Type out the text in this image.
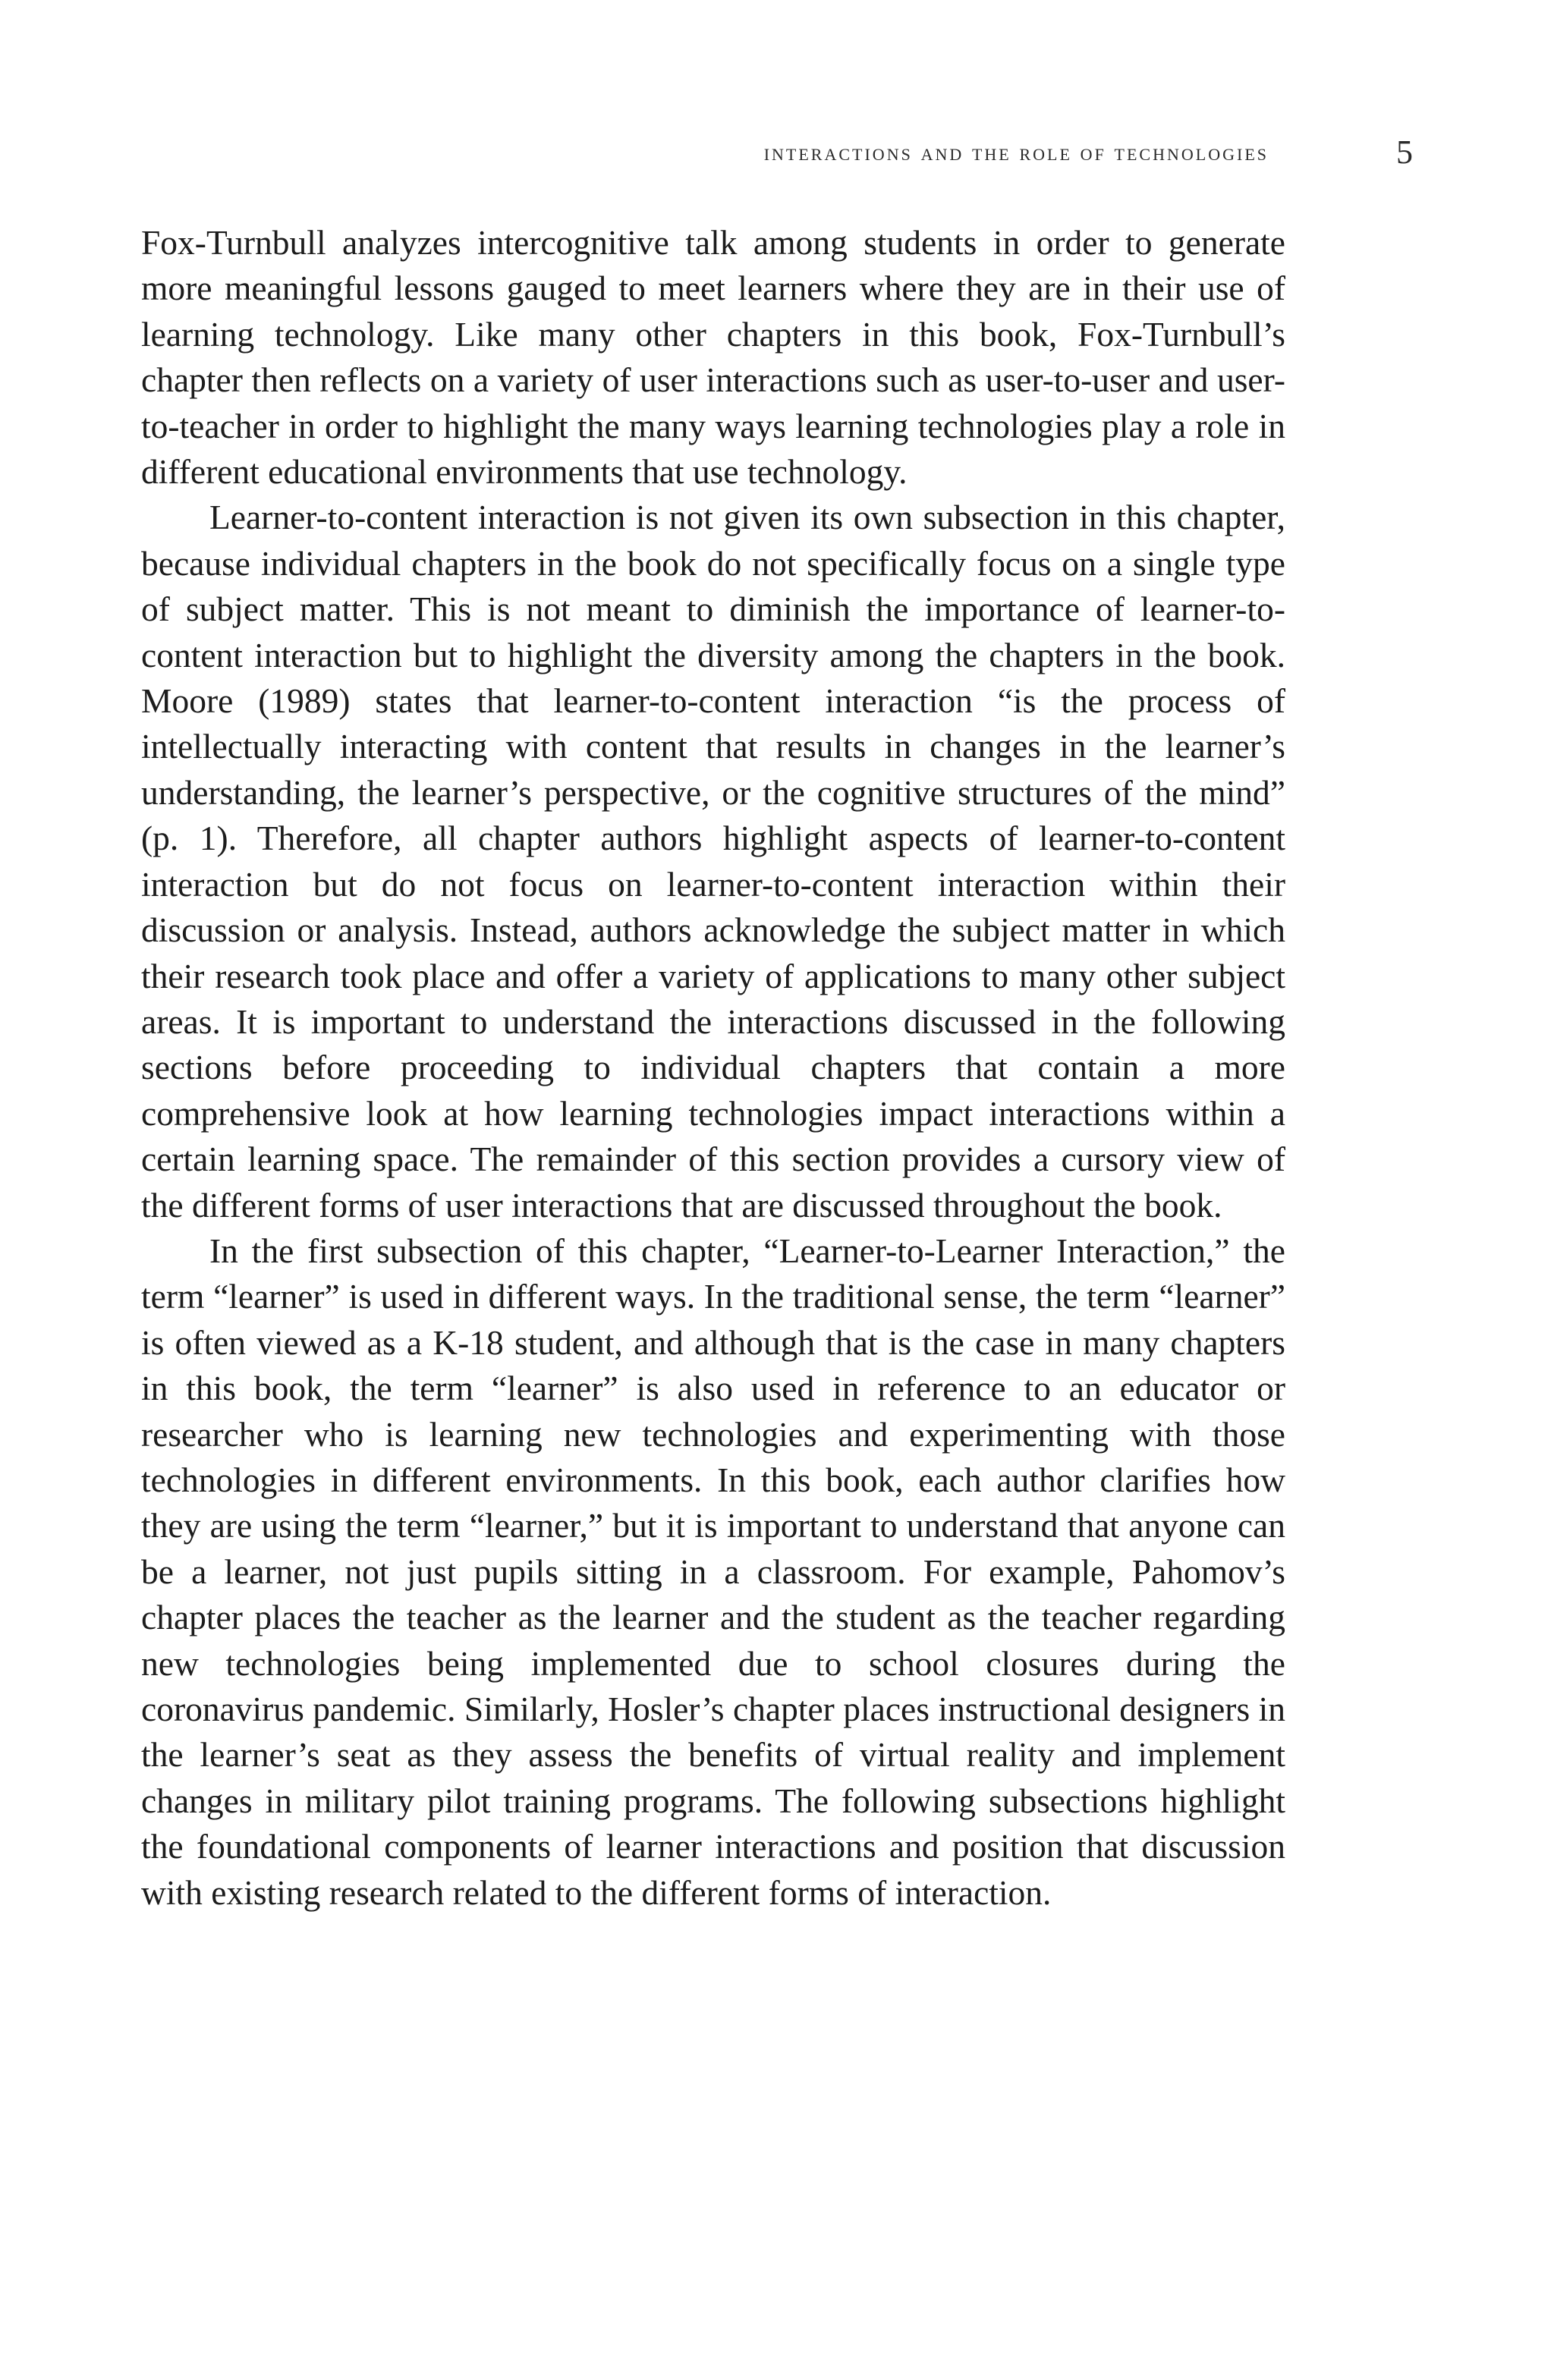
interactions and the role of technologies	5

Fox-Turnbull analyzes intercognitive talk among students in order to generate more meaningful lessons gauged to meet learners where they are in their use of learning technology. Like many other chapters in this book, Fox-Turnbull’s chapter then reflects on a variety of user interactions such as user-to-user and user-to-teacher in order to highlight the many ways learning technologies play a role in different educational environments that use technology.

Learner-to-content interaction is not given its own subsection in this chapter, because individual chapters in the book do not specifically focus on a single type of subject matter. This is not meant to diminish the importance of learner-to-content interaction but to highlight the diversity among the chapters in the book. Moore (1989) states that learner-to-content interaction “is the process of intellectually interacting with content that results in changes in the learner’s understanding, the learner’s perspective, or the cognitive structures of the mind” (p. 1). Therefore, all chapter authors highlight aspects of learner-to-content interaction but do not focus on learner-to-content interaction within their discussion or analysis. Instead, authors acknowledge the subject matter in which their research took place and offer a variety of applications to many other subject areas. It is important to understand the interactions discussed in the following sections before proceeding to individual chapters that contain a more comprehensive look at how learning technologies impact interactions within a certain learning space. The remainder of this section provides a cursory view of the different forms of user interactions that are discussed throughout the book.

In the first subsection of this chapter, “Learner-to-Learner Interaction,” the term “learner” is used in different ways. In the traditional sense, the term “learner” is often viewed as a K-18 student, and although that is the case in many chapters in this book, the term “learner” is also used in reference to an educator or researcher who is learning new technologies and experimenting with those technologies in different environments. In this book, each author clarifies how they are using the term “learner,” but it is important to understand that anyone can be a learner, not just pupils sitting in a classroom. For example, Pahomov’s chapter places the teacher as the learner and the student as the teacher regarding new technologies being implemented due to school closures during the coronavirus pandemic. Similarly, Hosler’s chapter places instructional designers in the learner’s seat as they assess the benefits of virtual reality and implement changes in military pilot training programs. The following subsections highlight the foundational components of learner interactions and position that discussion with existing research related to the different forms of interaction.
